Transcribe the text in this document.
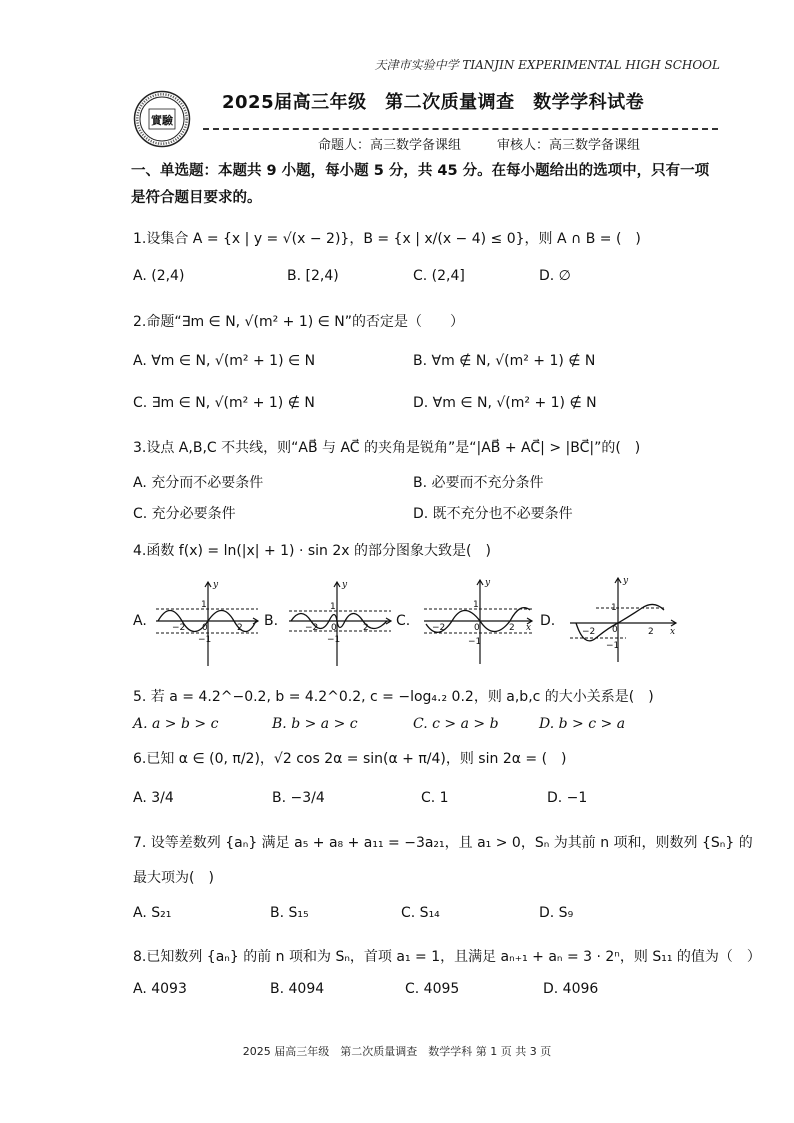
天津市实验中学 TIANJIN EXPERIMENTAL HIGH SCHOOL
實驗
2025届高三年级　第二次质量调查　数学学科试卷
命题人：高三数学备课组	审核人：高三数学备课组
一、单选题：本题共 9 小题，每小题 5 分，共 45 分。在每小题给出的选项中，只有一项是符合题目要求的。
1.设集合 A = {x | y = √(x − 2)}，B = {x | x/(x − 4) ≤ 0}，则 A ∩ B = (　)
A. (2,4)	B. [2,4)	C. (2,4]	D. ∅
2.命题“∃m ∈ N, √(m² + 1) ∈ N”的否定是（　　）
A. ∀m ∈ N, √(m² + 1) ∈ N	B. ∀m ∉ N, √(m² + 1) ∉ N
C. ∃m ∈ N, √(m² + 1) ∉ N	D. ∀m ∈ N, √(m² + 1) ∉ N
3.设点 A,B,C 不共线，则“AB⃗ 与 AC⃗ 的夹角是锐角”是“|AB⃗ + AC⃗| > |BC⃗|”的(　)
A. 充分而不必要条件	B. 必要而不充分条件
C. 充分必要条件	D. 既不充分也不必要条件
4.函数 f(x) = ln(|x| + 1) · sin 2x 的部分图象大致是(　)
A.	B.	C.	D.
y
1
0
−1
−2	2
y
1
0
−1
−2	2
y
1
0
−1
−2	2 x
y
1
0
−1
−2	2 x
5. 若 a = 4.2^−0.2, b = 4.2^0.2, c = −log₄.₂ 0.2，则 a,b,c 的大小关系是(　)
A. a > b > c	B. b > a > c	C. c > a > b	D. b > c > a
6.已知 α ∈ (0, π/2)，√2 cos 2α = sin(α + π/4)，则 sin 2α = (　)
A. 3/4	B. −3/4	C. 1	D. −1
7. 设等差数列 {aₙ} 满足 a₅ + a₈ + a₁₁ = −3a₂₁，且 a₁ > 0，Sₙ 为其前 n 项和，则数列 {Sₙ} 的
最大项为(　)
A. S₂₁	B. S₁₅	C. S₁₄	D. S₉
8.已知数列 {aₙ} 的前 n 项和为 Sₙ，首项 a₁ = 1，且满足 aₙ₊₁ + aₙ = 3 · 2ⁿ，则 S₁₁ 的值为（　）
A. 4093	B. 4094	C. 4095	D. 4096
2025 届高三年级　第二次质量调查　数学学科 第 1 页 共 3 页
